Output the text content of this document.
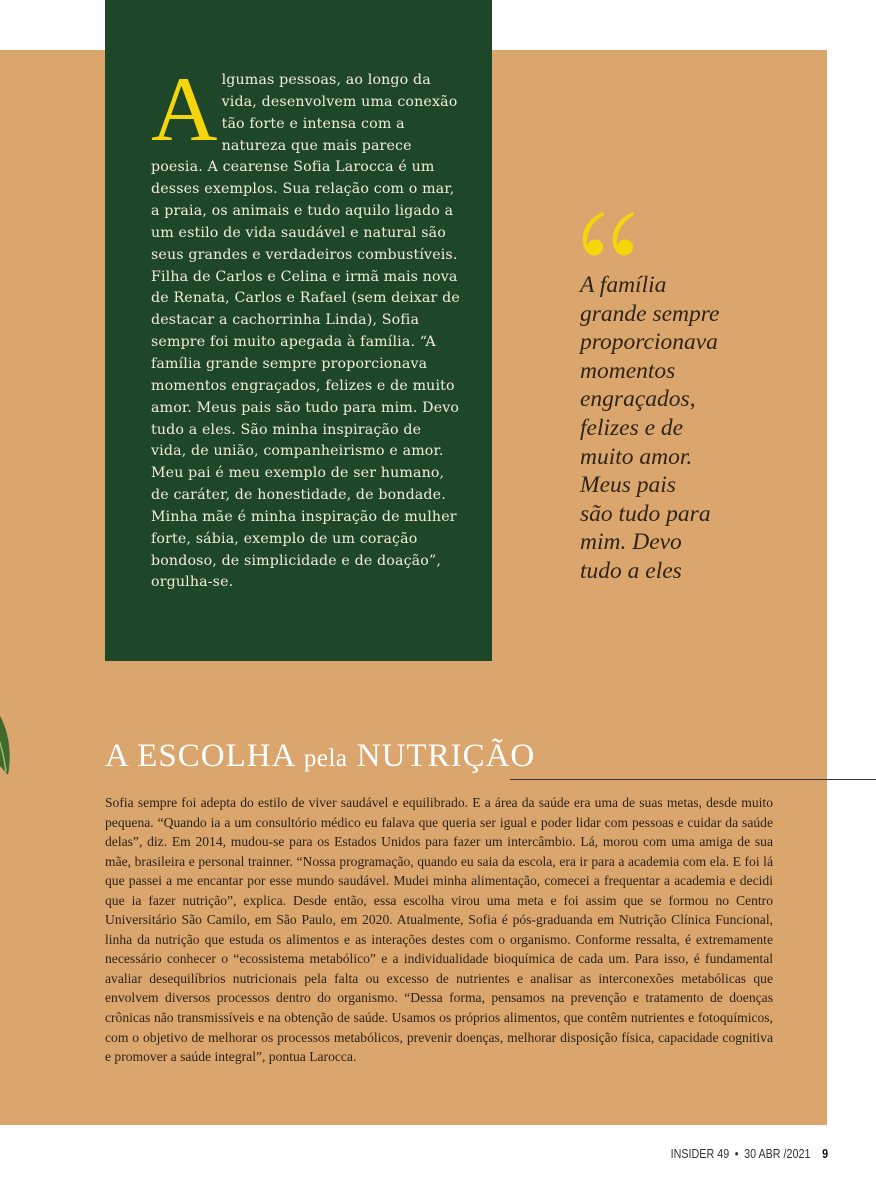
Algumas pessoas, ao longo da vida, desenvolvem uma conexão tão forte e intensa com a natureza que mais parece poesia. A cearense Sofia Larocca é um desses exemplos. Sua relação com o mar, a praia, os animais e tudo aquilo ligado a um estilo de vida saudável e natural são seus grandes e verdadeiros combustíveis. Filha de Carlos e Celina e irmã mais nova de Renata, Carlos e Rafael (sem deixar de destacar a cachorrinha Linda), Sofia sempre foi muito apegada à família. “A família grande sempre proporcionava momentos engraçados, felizes e de muito amor. Meus pais são tudo para mim. Devo tudo a eles. São minha inspiração de vida, de união, companheirismo e amor. Meu pai é meu exemplo de ser humano, de caráter, de honestidade, de bondade. Minha mãe é minha inspiração de mulher forte, sábia, exemplo de um coração bondoso, de simplicidade e de doação”, orgulha-se.

A família
grande sempre
proporcionava
momentos
engraçados,
felizes e de
muito amor.
Meus pais
são tudo para
mim. Devo
tudo a eles

A ESCOLHA pela NUTRIÇÃO

Sofia sempre foi adepta do estilo de viver saudável e equilibrado. E a área da saúde era uma de suas metas, desde muito pequena. “Quando ia a um consultório médico eu falava que queria ser igual e poder lidar com pessoas e cuidar da saúde delas”, diz. Em 2014, mudou-se para os Estados Unidos para fazer um intercâmbio. Lá, morou com uma amiga de sua mãe, brasileira e personal trainner. “Nossa programação, quando eu saia da escola, era ir para a academia com ela. E foi lá que passei a me encantar por esse mundo saudável. Mudei minha alimentação, comecei a frequentar a academia e decidi que ia fazer nutrição”, explica. Desde então, essa escolha virou uma meta e foi assim que se formou no Centro Universitário São Camilo, em São Paulo, em 2020. Atualmente, Sofia é pós-graduanda em Nutrição Clínica Funcional, linha da nutrição que estuda os alimentos e as interações destes com o organismo. Conforme ressalta, é extremamente necessário conhecer o “ecossistema metabólico” e a individualidade bioquímica de cada um. Para isso, é fundamental avaliar desequilíbrios nutricionais pela falta ou excesso de nutrientes e analisar as interconexões metabólicas que envolvem diversos processos dentro do organismo. “Dessa forma, pensamos na prevenção e tratamento de doenças crônicas não transmissíveis e na obtenção de saúde. Usamos os próprios alimentos, que contêm nutrientes e fotoquímicos, com o objetivo de melhorar os processos metabólicos, prevenir doenças, melhorar disposição física, capacidade cognitiva e promover a saúde integral”, pontua Larocca.

INSIDER 49 • 30 ABR /2021 9
